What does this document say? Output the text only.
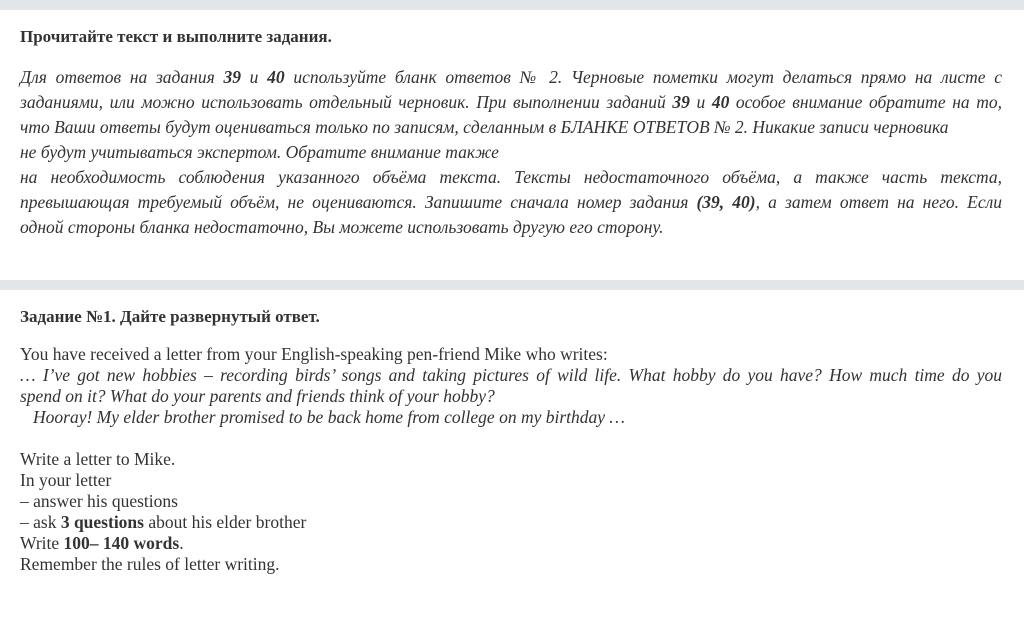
Прочитайте текст и выполните задания.
Для ответов на задания 39 и 40 используйте бланк ответов № 2. Черновые пометки могут делаться прямо на листе с
заданиями, или можно использовать отдельный черновик. При выполнении заданий 39 и 40 особое внимание обратите на то,
что Ваши ответы будут оцениваться только по записям, сделанным в БЛАНКЕ ОТВЕТОВ № 2. Никакие записи черновика
не будут учитываться экспертом. Обратите внимание также
на необходимость соблюдения указанного объёма текста. Тексты недостаточного объёма, а также часть текста,
превышающая требуемый объём, не оцениваются. Запишите сначала номер задания (39, 40), а затем ответ на него. Если
одной стороны бланка недостаточно, Вы можете использовать другую его сторону.
Задание №1. Дайте развернутый ответ.
You have received a letter from your English-speaking pen-friend Mike who writes:
… I’ve got new hobbies – recording birds’ songs and taking pictures of wild life. What hobby do you have? How much time do you
spend on it? What do your parents and friends think of your hobby?
Hooray! My elder brother promised to be back home from college on my birthday …
Write a letter to Mike.
In your letter
– answer his questions
– ask 3 questions about his elder brother
Write 100– 140 words.
Remember the rules of letter writing.
